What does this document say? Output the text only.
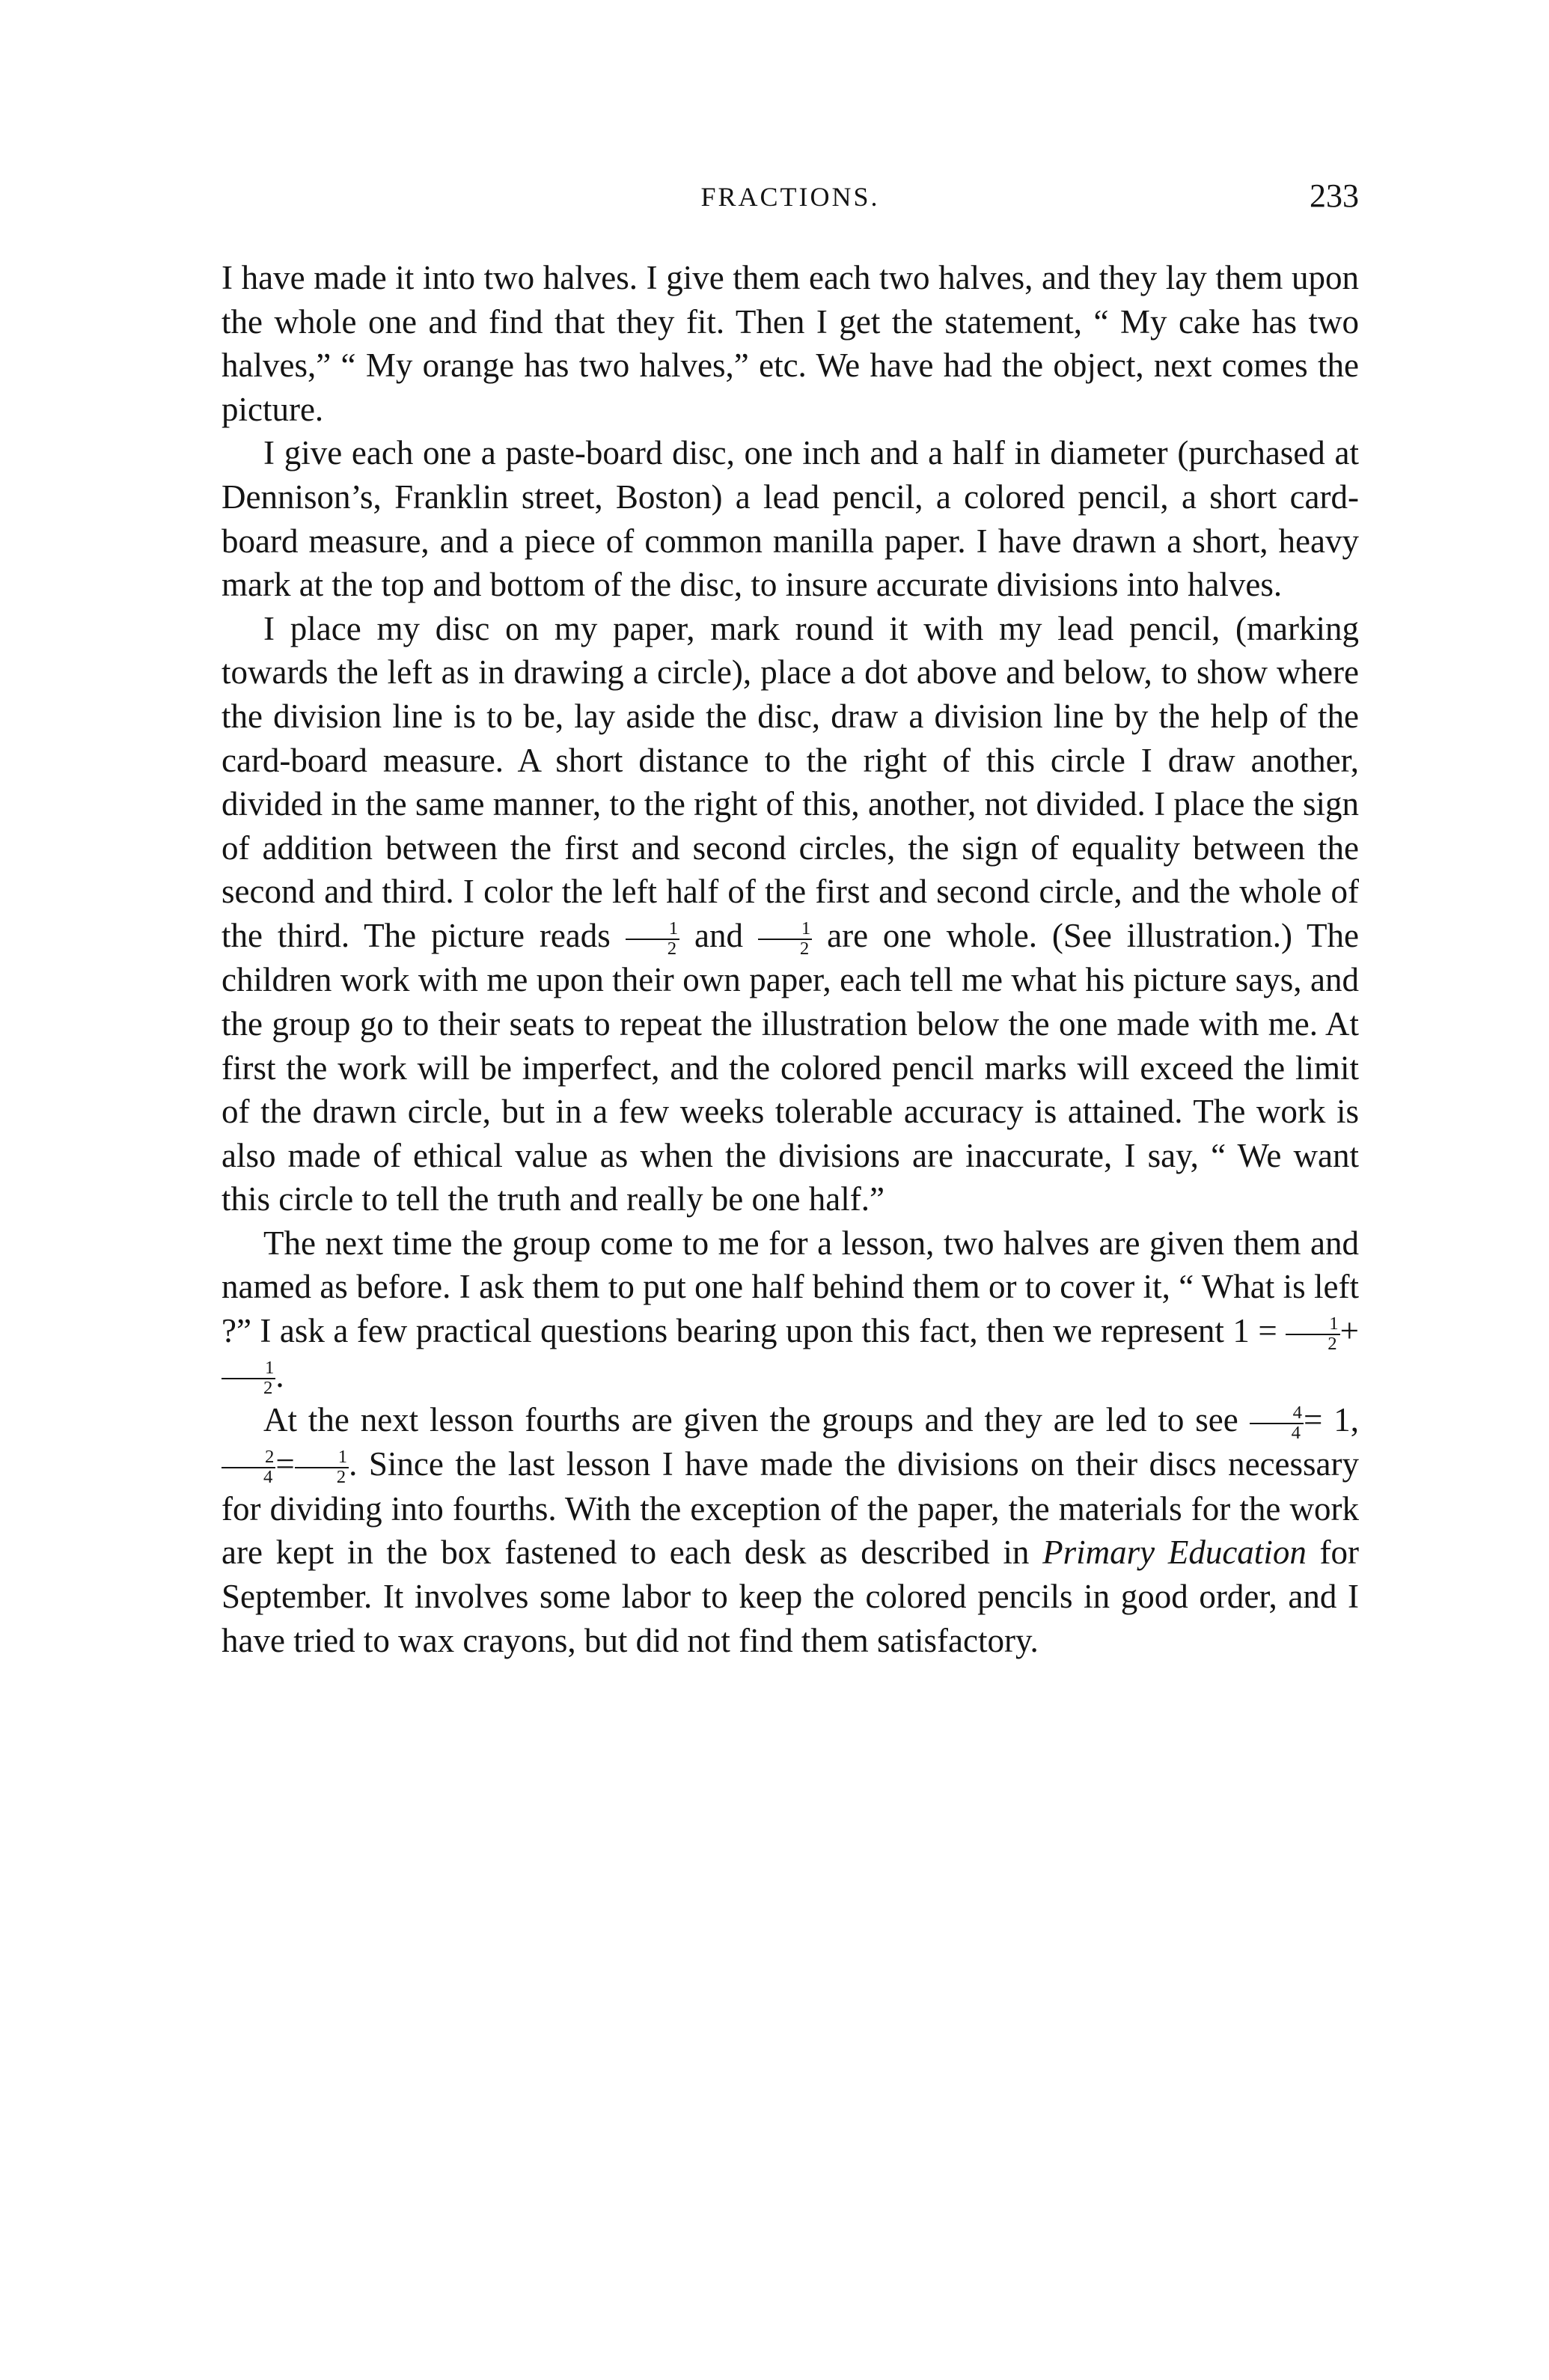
FRACTIONS.	233

I have made it into two halves. I give them each two halves, and they lay them upon the whole one and find that they fit. Then I get the statement, “ My cake has two halves,” “ My orange has two halves,” etc. We have had the object, next comes the picture.

I give each one a paste-board disc, one inch and a half in diameter (purchased at Dennison’s, Franklin street, Boston) a lead pencil, a colored pencil, a short card-board measure, and a piece of common manilla paper. I have drawn a short, heavy mark at the top and bottom of the disc, to insure accurate divisions into halves.

I place my disc on my paper, mark round it with my lead pencil, (marking towards the left as in drawing a circle), place a dot above and below, to show where the division line is to be, lay aside the disc, draw a division line by the help of the card-board measure. A short distance to the right of this circle I draw another, divided in the same manner, to the right of this, another, not divided. I place the sign of addition between the first and second circles, the sign of equality between the second and third. I color the left half of the first and second circle, and the whole of the third. The picture reads $\frac{1}{2}$ and $\frac{1}{2}$ are one whole. (See illustration.) The children work with me upon their own paper, each tell me what his picture says, and the group go to their seats to repeat the illustration below the one made with me. At first the work will be imperfect, and the colored pencil marks will exceed the limit of the drawn circle, but in a few weeks tolerable accuracy is attained. The work is also made of ethical value as when the divisions are inaccurate, I say, “ We want this circle to tell the truth and really be one half.”

The next time the group come to me for a lesson, two halves are given them and named as before. I ask them to put one half behind them or to cover it, “ What is left ?” I ask a few practical questions bearing upon this fact, then we represent $1 = \frac{1}{2}$ +
$\frac{1}{2}$ .

At the next lesson fourths are given the groups and they are led to see $\frac{4}{4} = 1$,
$\frac{2}{4} = \frac{1}{2}$ . Since the last lesson I have made the divisions on their discs necessary for dividing into fourths. With the exception of the paper, the materials for the work are kept in the box fastened to each desk as described in Primary Education for September. It involves some labor to keep the colored pencils in good order, and I have tried to wax crayons, but did not find them satisfactory.
